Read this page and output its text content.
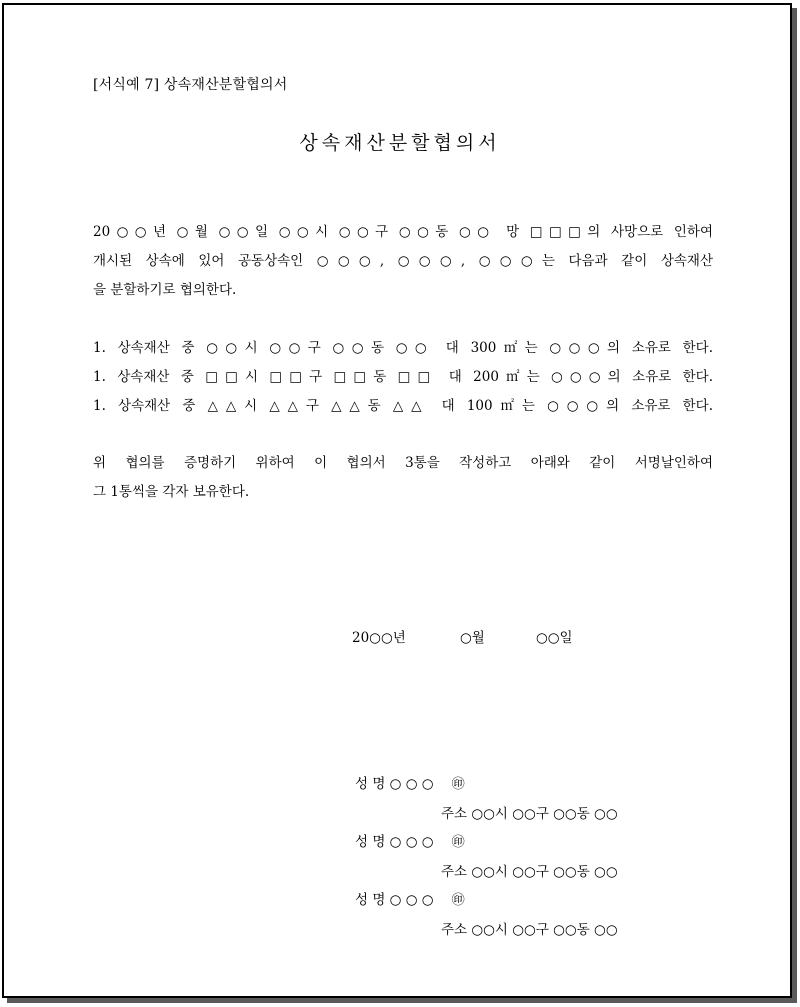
[서식예 7] 상속재산분할협의서
상속재산분할협의서
20○○년 ○월 ○○일 ○○시 ○○구 ○○동 ○○ 망 □□□의 사망으로 인하여
개시된 상속에 있어 공동상속인 ○○○, ○○○, ○○○는 다음과 같이 상속재산
을 분할하기로 협의한다.
1. 상속재산 중 ○○시 ○○구 ○○동 ○○ 대 300㎡는 ○○○의 소유로 한다.
1. 상속재산 중 □□시 □□구 □□동 □□ 대 200㎡는 ○○○의 소유로 한다.
1. 상속재산 중 △△시 △△구 △△동 △△ 대 100㎡는 ○○○의 소유로 한다.
위 협의를 증명하기 위하여 이 협의서 3통을 작성하고 아래와 같이 서명날인하여
그 1통씩을 각자 보유한다.
20○○년	○월	○○일
성 명 ○ ○ ○ ㊞
주소 ○○시 ○○구 ○○동 ○○
성 명 ○ ○ ○ ㊞
주소 ○○시 ○○구 ○○동 ○○
성 명 ○ ○ ○ ㊞
주소 ○○시 ○○구 ○○동 ○○
